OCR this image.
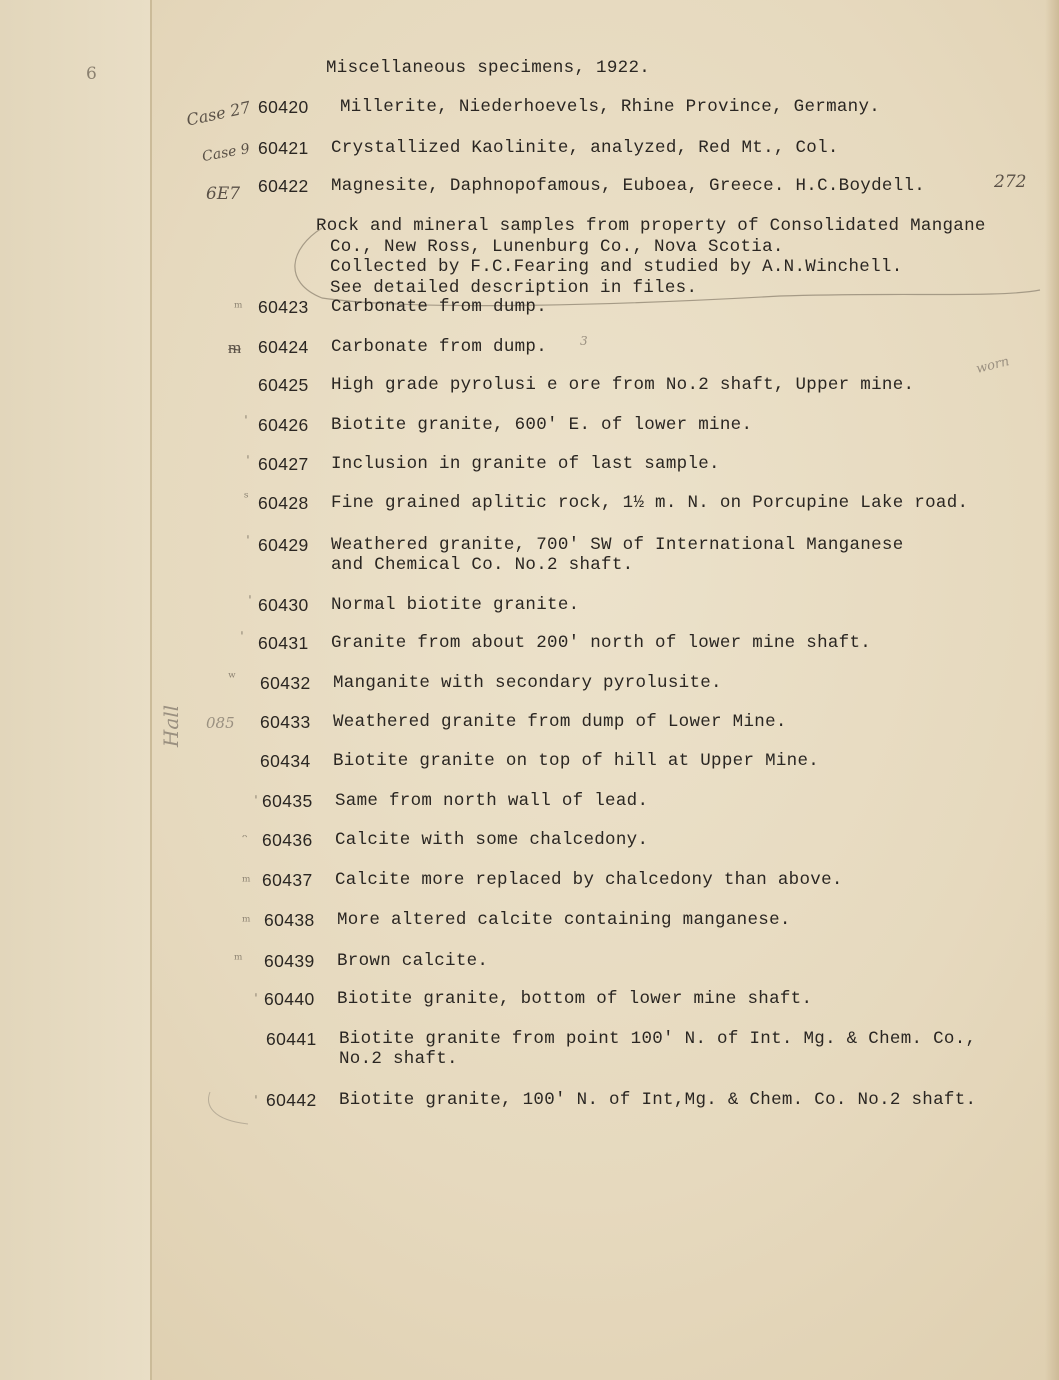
6	Miscellaneous specimens, 1922.
Case 27 60420 Millerite, Niederhoevels, Rhine Province, Germany.
Case 9 60421 Crystallized Kaolinite, analyzed, Red Mt., Col.
6E7 60422 Magnesite, Daphnopofamous, Euboea, Greece. H.C.Boydell.	272
Rock and mineral samples from property of Consolidated Mangane
Co., New Ross, Lunenburg Co., Nova Scotia.
Collected by F.C.Fearing and studied by A.N.Winchell.
See detailed description in files.
60423 Carbonate from dump.
60424 Carbonate from dump.
60425 High grade pyrolusi e ore from No.2 shaft, Upper mine.
60426 Biotite granite, 600' E. of lower mine.
60427 Inclusion in granite of last sample.
60428 Fine grained aplitic rock, 1½ m. N. on Porcupine Lake road.
60429 Weathered granite, 700' SW of International Manganese
and Chemical Co. No.2 shaft.
60430 Normal biotite granite.
60431 Granite from about 200' north of lower mine shaft.
60432 Manganite with secondary pyrolusite.
60433 Weathered granite from dump of Lower Mine.
60434 Biotite granite on top of hill at Upper Mine.
60435 Same from north wall of lead.
60436 Calcite with some chalcedony.
60437 Calcite more replaced by chalcedony than above.
60438 More altered calcite containing manganese.
60439 Brown calcite.
60440 Biotite granite, bottom of lower mine shaft.
60441 Biotite granite from point 100' N. of Int. Mg. & Chem. Co.,
No.2 shaft.
60442 Biotite granite, 100' N. of Int,Mg. & Chem. Co. No.2 shaft.
ᵐ
ᵯ	3
worn
ˈ
ˈ
ˢ
ˈ
ˈ
ˈ
ʷ
085
Hall
ˈ
ᵔ
ᵐ
ᵐ
ᵐ
ˈ
ˈ
